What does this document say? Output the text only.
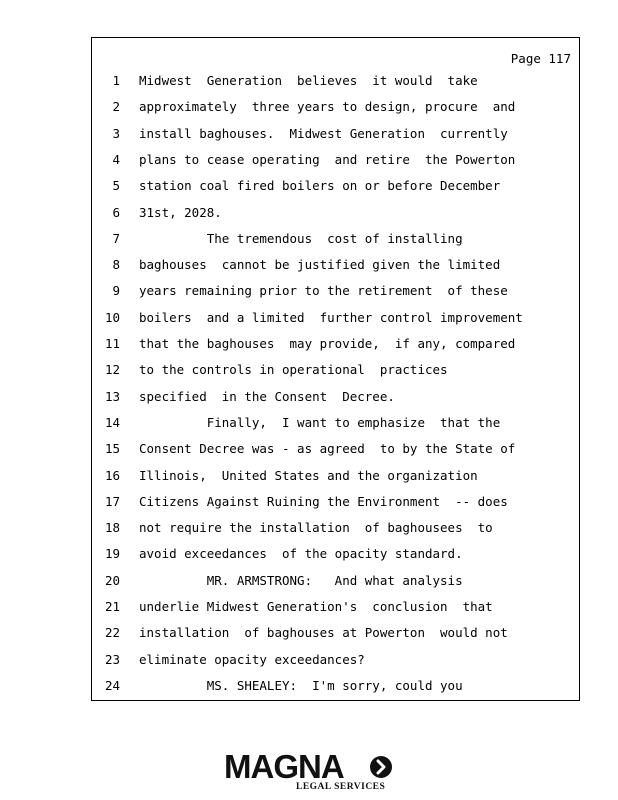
Page 117
1 Midwest  Generation  believes  it would  take
2 approximately  three years to design, procure  and
3 install baghouses.  Midwest Generation  currently
4 plans to cease operating  and retire  the Powerton
5 station coal fired boilers on or before December
6 31st, 2028.
7 The tremendous  cost of installing
8 baghouses  cannot be justified given the limited
9 years remaining prior to the retirement  of these
10 boilers  and a limited  further control improvement
11 that the baghouses  may provide,  if any, compared
12 to the controls in operational  practices
13 specified  in the Consent  Decree.
14 Finally,  I want to emphasize  that the
15 Consent Decree was - as agreed  to by the State of
16 Illinois,  United States and the organization
17 Citizens Against Ruining the Environment  -- does
18 not require the installation  of baghousees  to
19 avoid exceedances  of the opacity standard.
20 MR. ARMSTRONG:   And what analysis
21 underlie Midwest Generation's  conclusion  that
22 installation  of baghouses at Powerton  would not
23 eliminate opacity exceedances?
24 MS. SHEALEY:  I'm sorry, could you
MAGNA
LEGAL SERVICES
